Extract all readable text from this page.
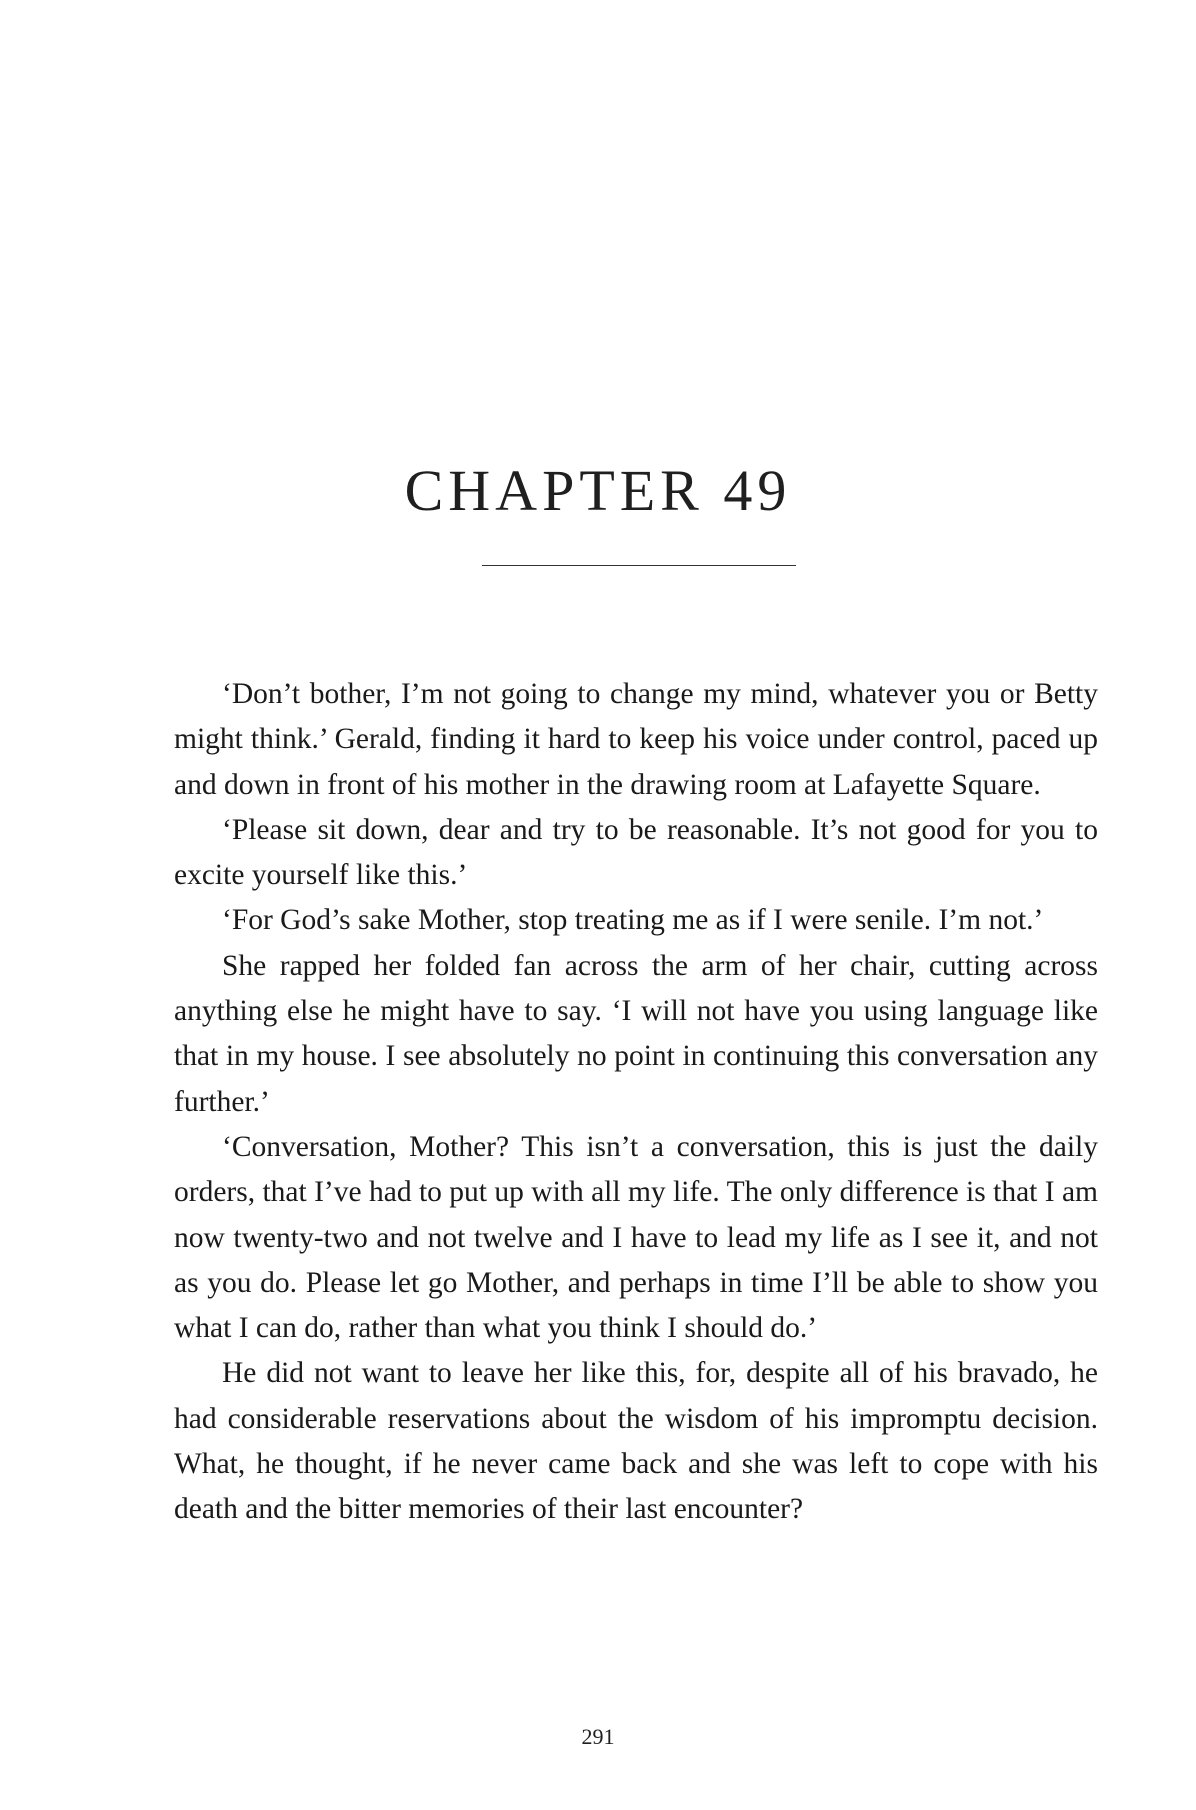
CHAPTER 49

‘Don’t bother, I’m not going to change my mind, whatever you or Betty might think.’ Gerald, finding it hard to keep his voice under control, paced up and down in front of his mother in the drawing room at Lafayette Square.

‘Please sit down, dear and try to be reasonable. It’s not good for you to excite yourself like this.’

‘For God’s sake Mother, stop treating me as if I were senile. I’m not.’

She rapped her folded fan across the arm of her chair, cutting across anything else he might have to say. ‘I will not have you using language like that in my house. I see absolutely no point in continuing this conversation any further.’

‘Conversation, Mother? This isn’t a conversation, this is just the daily orders, that I’ve had to put up with all my life. The only difference is that I am now twenty-two and not twelve and I have to lead my life as I see it, and not as you do. Please let go Mother, and perhaps in time I’ll be able to show you what I can do, rather than what you think I should do.’

He did not want to leave her like this, for, despite all of his bravado, he had considerable reservations about the wisdom of his impromptu decision. What, he thought, if he never came back and she was left to cope with his death and the bitter memories of their last encounter?

291
